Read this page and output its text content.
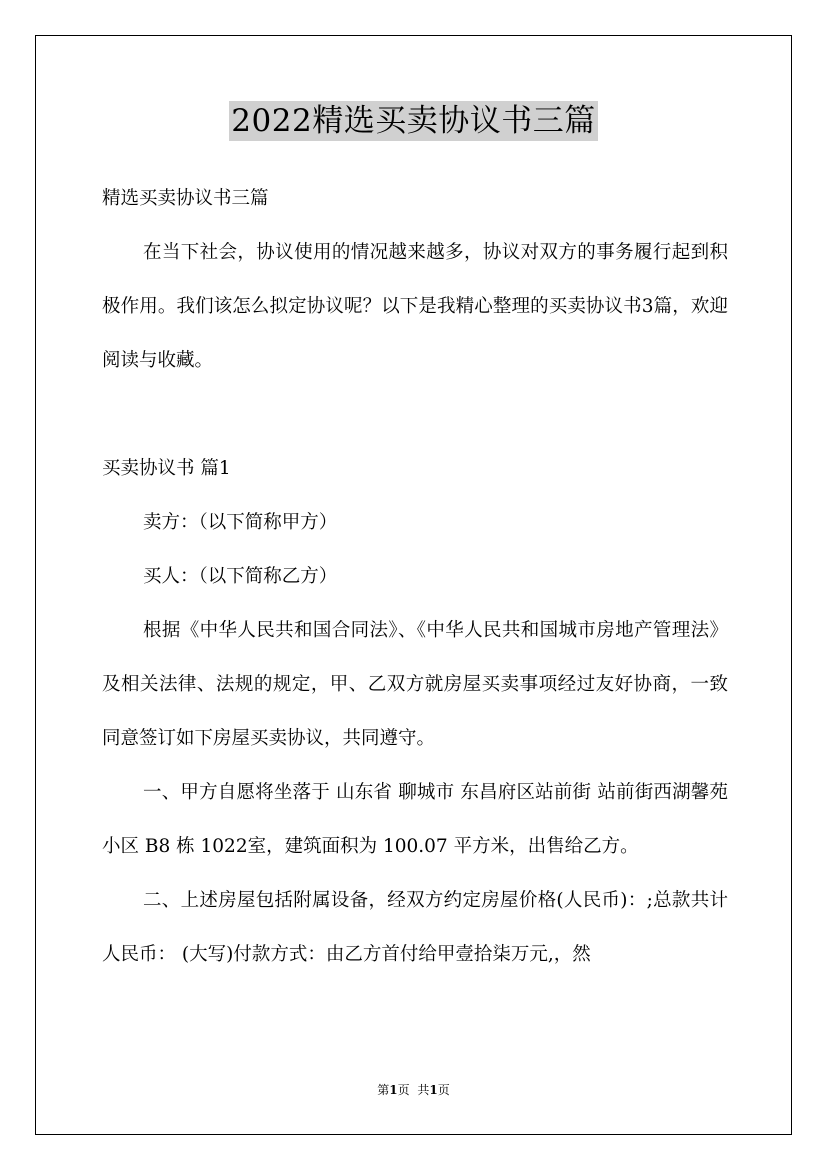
2022精选买卖协议书三篇

精选买卖协议书三篇

在当下社会，协议使用的情况越来越多，协议对双方的事务履行起到积极作用。我们该怎么拟定协议呢？以下是我精心整理的买卖协议书3篇，欢迎阅读与收藏。

买卖协议书 篇1

卖方：（以下简称甲方）

买人：（以下简称乙方）

根据《中华人民共和国合同法》、《中华人民共和国城市房地产管理法》及相关法律、法规的规定，甲、乙双方就房屋买卖事项经过友好协商，一致同意签订如下房屋买卖协议，共同遵守。

一、甲方自愿将坐落于 山东省 聊城市 东昌府区站前街 站前街西湖馨苑 小区 B8 栋 1022室，建筑面积为 100.07 平方米，出售给乙方。

二、上述房屋包括附属设备，经双方约定房屋价格(人民币)：;总款共计人民币： (大写)付款方式：由乙方首付给甲壹拾柒万元,，然

第1页 共1页
